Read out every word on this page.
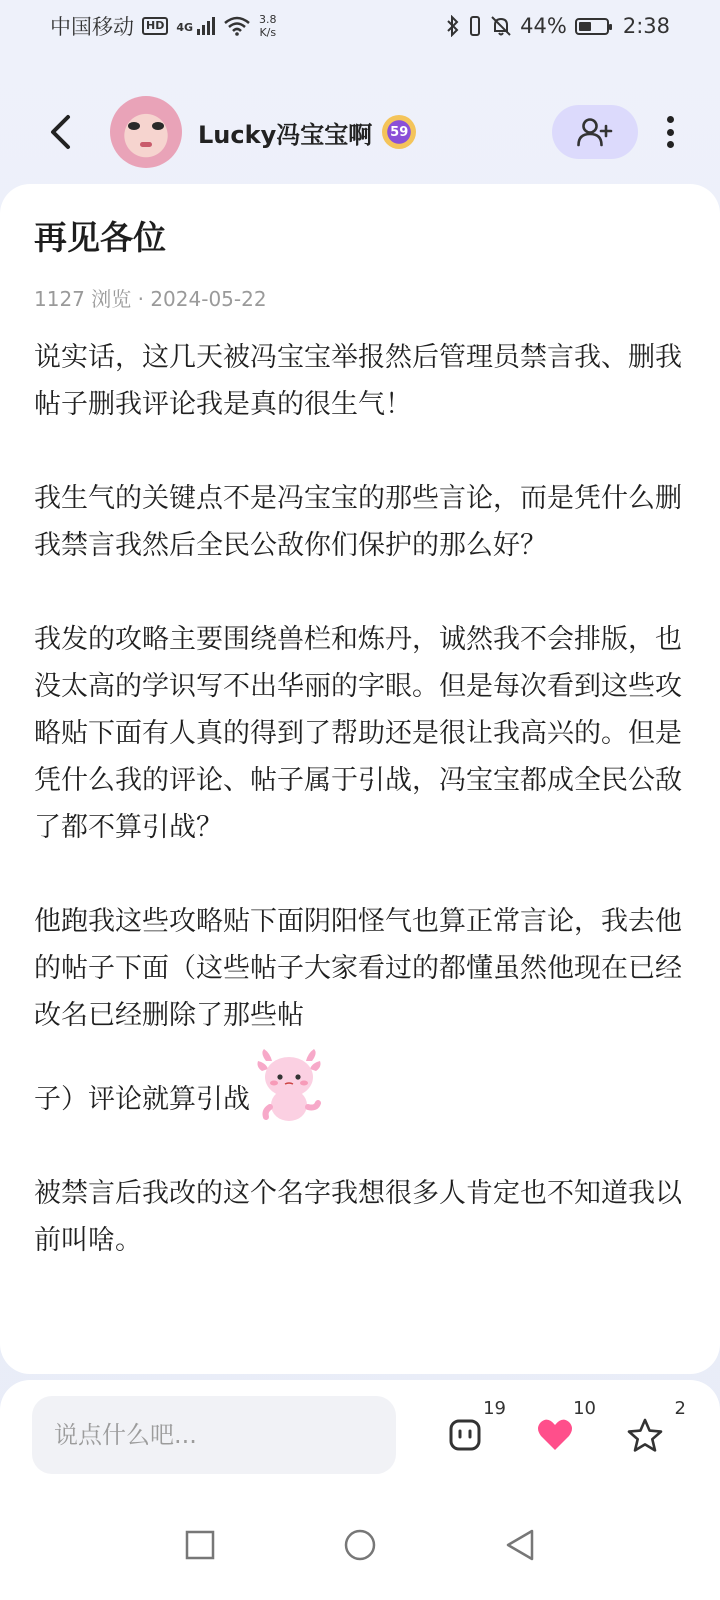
中国移动	HD	4G
3.8
K/s	44%	2:38
Lucky冯宝宝啊	59
再见各位
1127 浏览 · 2024-05-22

说实话，这几天被冯宝宝举报然后管理员禁言我、删我帖子删我评论我是真的很生气！

我生气的关键点不是冯宝宝的那些言论，而是凭什么删我禁言我然后全民公敌你们保护的那么好？

我发的攻略主要围绕兽栏和炼丹，诚然我不会排版，也没太高的学识写不出华丽的字眼。但是每次看到这些攻略贴下面有人真的得到了帮助还是很让我高兴的。但是凭什么我的评论、帖子属于引战，冯宝宝都成全民公敌了都不算引战？

他跑我这些攻略贴下面阴阳怪气也算正常言论，我去他的帖子下面（这些帖子大家看过的都懂虽然他现在已经改名已经删除了那些帖
子）评论就算引战

被禁言后我改的这个名字我想很多人肯定也不知道我以前叫啥。

说点什么吧...
19	10	2
